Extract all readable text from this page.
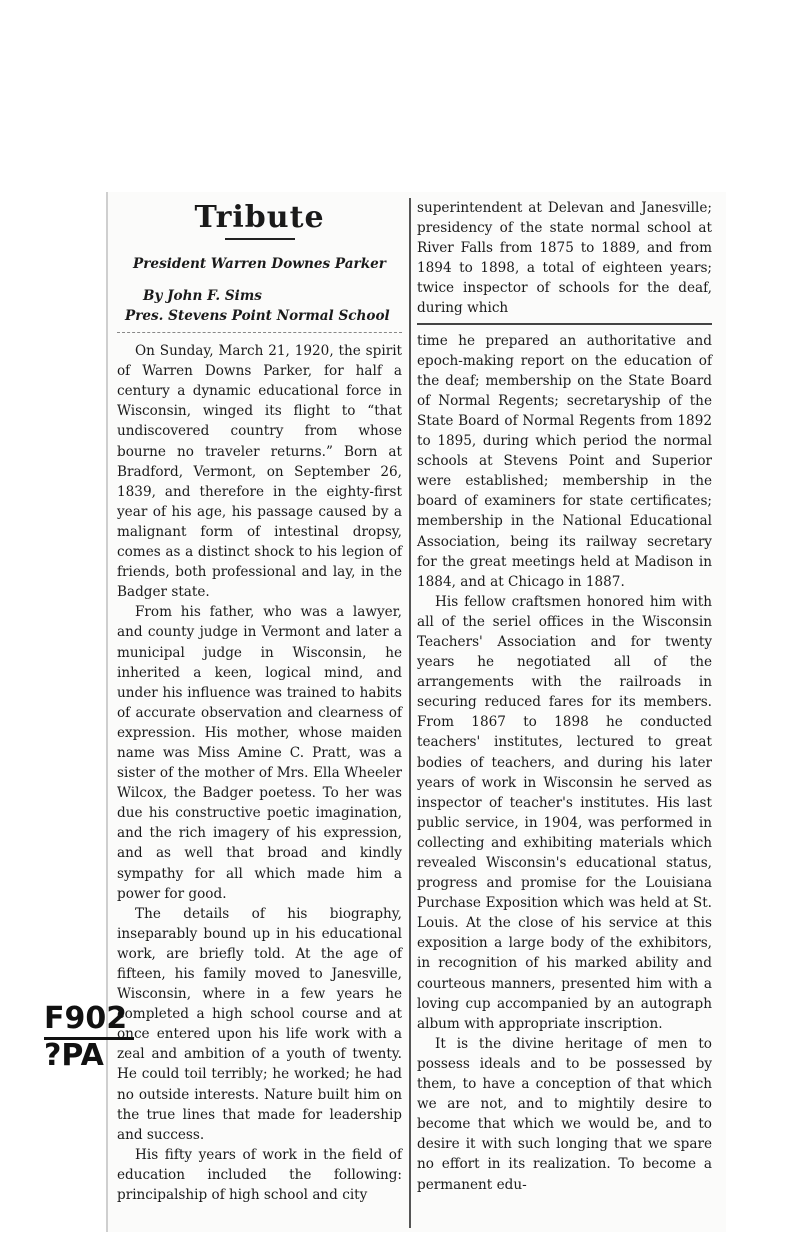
Tribute
President Warren Downes Parker
By John F. Sims
Pres. Stevens Point Normal School

On Sunday, March 21, 1920, the spirit of Warren Downs Parker, for half a century a dynamic educational force in Wisconsin, winged its flight to “that undiscovered country from whose bourne no traveler returns.” Born at Bradford, Vermont, on September 26, 1839, and therefore in the eighty-first year of his age, his passage caused by a malignant form of intestinal dropsy, comes as a distinct shock to his legion of friends, both professional and lay, in the Badger state.

From his father, who was a lawyer, and county judge in Vermont and later a municipal judge in Wisconsin, he inherited a keen, logical mind, and under his influence was trained to habits of accurate observation and clearness of expression. His mother, whose maiden name was Miss Amine C. Pratt, was a sister of the mother of Mrs. Ella Wheeler Wilcox, the Badger poetess. To her was due his constructive poetic imagination, and the rich imagery of his expression, and as well that broad and kindly sympathy for all which made him a power for good.

The details of his biography, inseparably bound up in his educational work, are briefly told. At the age of fifteen, his family moved to Janesville, Wisconsin, where in a few years he completed a high school course and at once entered upon his life work with a zeal and ambition of a youth of twenty. He could toil terribly; he worked; he had no outside interests. Nature built him on the true lines that made for leadership and success.

His fifty years of work in the field of education included the following: principalship of high school and city

superintendent at Delevan and Janesville; presidency of the state normal school at River Falls from 1875 to 1889, and from 1894 to 1898, a total of eighteen years; twice inspector of schools for the deaf, during which

time he prepared an authoritative and epoch-making report on the education of the deaf; membership on the State Board of Normal Regents; secretaryship of the State Board of Normal Regents from 1892 to 1895, during which period the normal schools at Stevens Point and Superior were established; membership in the board of examiners for state certificates; membership in the National Educational Association, being its railway secretary for the great meetings held at Madison in 1884, and at Chicago in 1887.

His fellow craftsmen honored him with all of the seriel offices in the Wisconsin Teachers' Association and for twenty years he negotiated all of the arrangements with the railroads in securing reduced fares for its members. From 1867 to 1898 he conducted teachers' institutes, lectured to great bodies of teachers, and during his later years of work in Wisconsin he served as inspector of teacher's institutes. His last public service, in 1904, was performed in collecting and exhibiting materials which revealed Wisconsin's educational status, progress and promise for the Louisiana Purchase Exposition which was held at St. Louis. At the close of his service at this exposition a large body of the exhibitors, in recognition of his marked ability and courteous manners, presented him with a loving cup accompanied by an autograph album with appropriate inscription.

It is the divine heritage of men to possess ideals and to be possessed by them, to have a conception of that which we are not, and to mightily desire to become that which we would be, and to desire it with such longing that we spare no effort in its realization. To become a permanent edu-

F902
?PA
